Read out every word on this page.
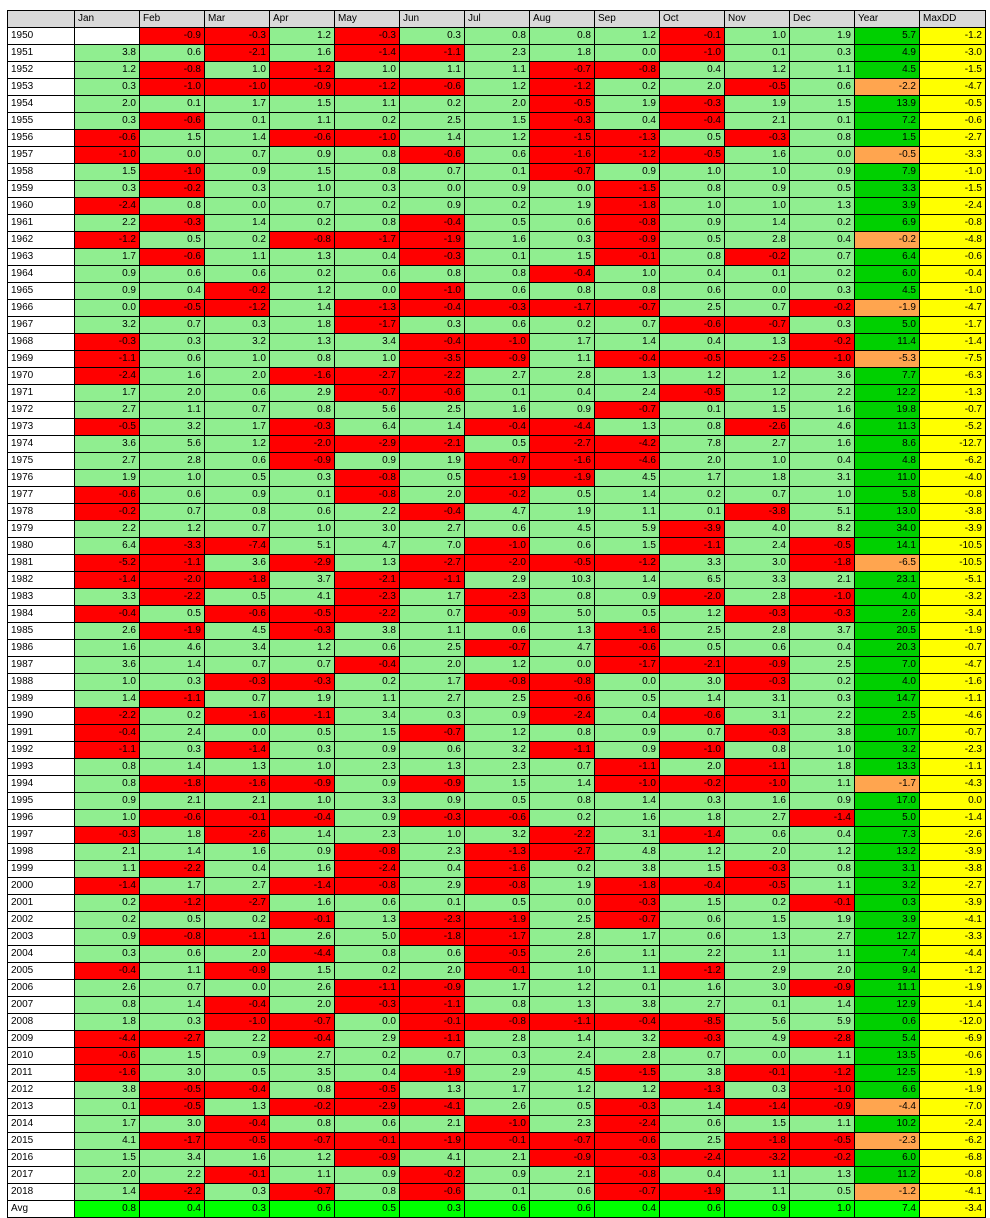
	Jan	Feb	Mar	Apr	May	Jun	Jul	Aug	Sep	Oct	Nov	Dec	Year	MaxDD
1950		-0.9	-0.3	1.2	-0.3	0.3	0.8	0.8	1.2	-0.1	1.0	1.9	5.7	-1.2
1951	3.8	0.6	-2.1	1.6	-1.4	-1.1	2.3	1.8	0.0	-1.0	0.1	0.3	4.9	-3.0
1952	1.2	-0.8	1.0	-1.2	1.0	1.1	1.1	-0.7	-0.8	0.4	1.2	1.1	4.5	-1.5
1953	0.3	-1.0	-1.0	-0.9	-1.2	-0.6	1.2	-1.2	0.2	2.0	-0.5	0.6	-2.2	-4.7
1954	2.0	0.1	1.7	1.5	1.1	0.2	2.0	-0.5	1.9	-0.3	1.9	1.5	13.9	-0.5
1955	0.3	-0.6	0.1	1.1	0.2	2.5	1.5	-0.3	0.4	-0.4	2.1	0.1	7.2	-0.6
1956	-0.6	1.5	1.4	-0.6	-1.0	1.4	1.2	-1.5	-1.3	0.5	-0.3	0.8	1.5	-2.7
1957	-1.0	0.0	0.7	0.9	0.8	-0.6	0.6	-1.6	-1.2	-0.5	1.6	0.0	-0.5	-3.3
1958	1.5	-1.0	0.9	1.5	0.8	0.7	0.1	-0.7	0.9	1.0	1.0	0.9	7.9	-1.0
1959	0.3	-0.2	0.3	1.0	0.3	0.0	0.9	0.0	-1.5	0.8	0.9	0.5	3.3	-1.5
1960	-2.4	0.8	0.0	0.7	0.2	0.9	0.2	1.9	-1.8	1.0	1.0	1.3	3.9	-2.4
1961	2.2	-0.3	1.4	0.2	0.8	-0.4	0.5	0.6	-0.8	0.9	1.4	0.2	6.9	-0.8
1962	-1.2	0.5	0.2	-0.8	-1.7	-1.9	1.6	0.3	-0.9	0.5	2.8	0.4	-0.2	-4.8
1963	1.7	-0.6	1.1	1.3	0.4	-0.3	0.1	1.5	-0.1	0.8	-0.2	0.7	6.4	-0.6
1964	0.9	0.6	0.6	0.2	0.6	0.8	0.8	-0.4	1.0	0.4	0.1	0.2	6.0	-0.4
1965	0.9	0.4	-0.2	1.2	0.0	-1.0	0.6	0.8	0.8	0.6	0.0	0.3	4.5	-1.0
1966	0.0	-0.5	-1.2	1.4	-1.3	-0.4	-0.3	-1.7	-0.7	2.5	0.7	-0.2	-1.9	-4.7
1967	3.2	0.7	0.3	1.8	-1.7	0.3	0.6	0.2	0.7	-0.6	-0.7	0.3	5.0	-1.7
1968	-0.3	0.3	3.2	1.3	3.4	-0.4	-1.0	1.7	1.4	0.4	1.3	-0.2	11.4	-1.4
1969	-1.1	0.6	1.0	0.8	1.0	-3.5	-0.9	1.1	-0.4	-0.5	-2.5	-1.0	-5.3	-7.5
1970	-2.4	1.6	2.0	-1.6	-2.7	-2.2	2.7	2.8	1.3	1.2	1.2	3.6	7.7	-6.3
1971	1.7	2.0	0.6	2.9	-0.7	-0.6	0.1	0.4	2.4	-0.5	1.2	2.2	12.2	-1.3
1972	2.7	1.1	0.7	0.8	5.6	2.5	1.6	0.9	-0.7	0.1	1.5	1.6	19.8	-0.7
1973	-0.5	3.2	1.7	-0.3	6.4	1.4	-0.4	-4.4	1.3	0.8	-2.6	4.6	11.3	-5.2
1974	3.6	5.6	1.2	-2.0	-2.9	-2.1	0.5	-2.7	-4.2	7.8	2.7	1.6	8.6	-12.7
1975	2.7	2.8	0.6	-0.9	0.9	1.9	-0.7	-1.6	-4.6	2.0	1.0	0.4	4.8	-6.2
1976	1.9	1.0	0.5	0.3	-0.8	0.5	-1.9	-1.9	4.5	1.7	1.8	3.1	11.0	-4.0
1977	-0.6	0.6	0.9	0.1	-0.8	2.0	-0.2	0.5	1.4	0.2	0.7	1.0	5.8	-0.8
1978	-0.2	0.7	0.8	0.6	2.2	-0.4	4.7	1.9	1.1	0.1	-3.8	5.1	13.0	-3.8
1979	2.2	1.2	0.7	1.0	3.0	2.7	0.6	4.5	5.9	-3.9	4.0	8.2	34.0	-3.9
1980	6.4	-3.3	-7.4	5.1	4.7	7.0	-1.0	0.6	1.5	-1.1	2.4	-0.5	14.1	-10.5
1981	-5.2	-1.1	3.6	-2.9	1.3	-2.7	-2.0	-0.5	-1.2	3.3	3.0	-1.8	-6.5	-10.5
1982	-1.4	-2.0	-1.8	3.7	-2.1	-1.1	2.9	10.3	1.4	6.5	3.3	2.1	23.1	-5.1
1983	3.3	-2.2	0.5	4.1	-2.3	1.7	-2.3	0.8	0.9	-2.0	2.8	-1.0	4.0	-3.2
1984	-0.4	0.5	-0.6	-0.5	-2.2	0.7	-0.9	5.0	0.5	1.2	-0.3	-0.3	2.6	-3.4
1985	2.6	-1.9	4.5	-0.3	3.8	1.1	0.6	1.3	-1.6	2.5	2.8	3.7	20.5	-1.9
1986	1.6	4.6	3.4	1.2	0.6	2.5	-0.7	4.7	-0.6	0.5	0.6	0.4	20.3	-0.7
1987	3.6	1.4	0.7	0.7	-0.4	2.0	1.2	0.0	-1.7	-2.1	-0.9	2.5	7.0	-4.7
1988	1.0	0.3	-0.3	-0.3	0.2	1.7	-0.8	-0.8	0.0	3.0	-0.3	0.2	4.0	-1.6
1989	1.4	-1.1	0.7	1.9	1.1	2.7	2.5	-0.6	0.5	1.4	3.1	0.3	14.7	-1.1
1990	-2.2	0.2	-1.6	-1.1	3.4	0.3	0.9	-2.4	0.4	-0.6	3.1	2.2	2.5	-4.6
1991	-0.4	2.4	0.0	0.5	1.5	-0.7	1.2	0.8	0.9	0.7	-0.3	3.8	10.7	-0.7
1992	-1.1	0.3	-1.4	0.3	0.9	0.6	3.2	-1.1	0.9	-1.0	0.8	1.0	3.2	-2.3
1993	0.8	1.4	1.3	1.0	2.3	1.3	2.3	0.7	-1.1	2.0	-1.1	1.8	13.3	-1.1
1994	0.8	-1.8	-1.6	-0.9	0.9	-0.9	1.5	1.4	-1.0	-0.2	-1.0	1.1	-1.7	-4.3
1995	0.9	2.1	2.1	1.0	3.3	0.9	0.5	0.8	1.4	0.3	1.6	0.9	17.0	0.0
1996	1.0	-0.6	-0.1	-0.4	0.9	-0.3	-0.6	0.2	1.6	1.8	2.7	-1.4	5.0	-1.4
1997	-0.3	1.8	-2.6	1.4	2.3	1.0	3.2	-2.2	3.1	-1.4	0.6	0.4	7.3	-2.6
1998	2.1	1.4	1.6	0.9	-0.8	2.3	-1.3	-2.7	4.8	1.2	2.0	1.2	13.2	-3.9
1999	1.1	-2.2	0.4	1.6	-2.4	0.4	-1.6	0.2	3.8	1.5	-0.3	0.8	3.1	-3.8
2000	-1.4	1.7	2.7	-1.4	-0.8	2.9	-0.8	1.9	-1.8	-0.4	-0.5	1.1	3.2	-2.7
2001	0.2	-1.2	-2.7	1.6	0.6	0.1	0.5	0.0	-0.3	1.5	0.2	-0.1	0.3	-3.9
2002	0.2	0.5	0.2	-0.1	1.3	-2.3	-1.9	2.5	-0.7	0.6	1.5	1.9	3.9	-4.1
2003	0.9	-0.8	-1.1	2.6	5.0	-1.8	-1.7	2.8	1.7	0.6	1.3	2.7	12.7	-3.3
2004	0.3	0.6	2.0	-4.4	0.8	0.6	-0.5	2.6	1.1	2.2	1.1	1.1	7.4	-4.4
2005	-0.4	1.1	-0.9	1.5	0.2	2.0	-0.1	1.0	1.1	-1.2	2.9	2.0	9.4	-1.2
2006	2.6	0.7	0.0	2.6	-1.1	-0.9	1.7	1.2	0.1	1.6	3.0	-0.9	11.1	-1.9
2007	0.8	1.4	-0.4	2.0	-0.3	-1.1	0.8	1.3	3.8	2.7	0.1	1.4	12.9	-1.4
2008	1.8	0.3	-1.0	-0.7	0.0	-0.1	-0.8	-1.1	-0.4	-8.5	5.6	5.9	0.6	-12.0
2009	-4.4	-2.7	2.2	-0.4	2.9	-1.1	2.8	1.4	3.2	-0.3	4.9	-2.8	5.4	-6.9
2010	-0.6	1.5	0.9	2.7	0.2	0.7	0.3	2.4	2.8	0.7	0.0	1.1	13.5	-0.6
2011	-1.6	3.0	0.5	3.5	0.4	-1.9	2.9	4.5	-1.5	3.8	-0.1	-1.2	12.5	-1.9
2012	3.8	-0.5	-0.4	0.8	-0.5	1.3	1.7	1.2	1.2	-1.3	0.3	-1.0	6.6	-1.9
2013	0.1	-0.5	1.3	-0.2	-2.9	-4.1	2.6	0.5	-0.3	1.4	-1.4	-0.9	-4.4	-7.0
2014	1.7	3.0	-0.4	0.8	0.6	2.1	-1.0	2.3	-2.4	0.6	1.5	1.1	10.2	-2.4
2015	4.1	-1.7	-0.5	-0.7	-0.1	-1.9	-0.1	-0.7	-0.6	2.5	-1.8	-0.5	-2.3	-6.2
2016	1.5	3.4	1.6	1.2	-0.9	4.1	2.1	-0.9	-0.3	-2.4	-3.2	-0.2	6.0	-6.8
2017	2.0	2.2	-0.1	1.1	0.9	-0.2	0.9	2.1	-0.8	0.4	1.1	1.3	11.2	-0.8
2018	1.4	-2.2	0.3	-0.7	0.8	-0.6	0.1	0.6	-0.7	-1.9	1.1	0.5	-1.2	-4.1
Avg	0.8	0.4	0.3	0.6	0.5	0.3	0.6	0.6	0.4	0.6	0.9	1.0	7.4	-3.4
